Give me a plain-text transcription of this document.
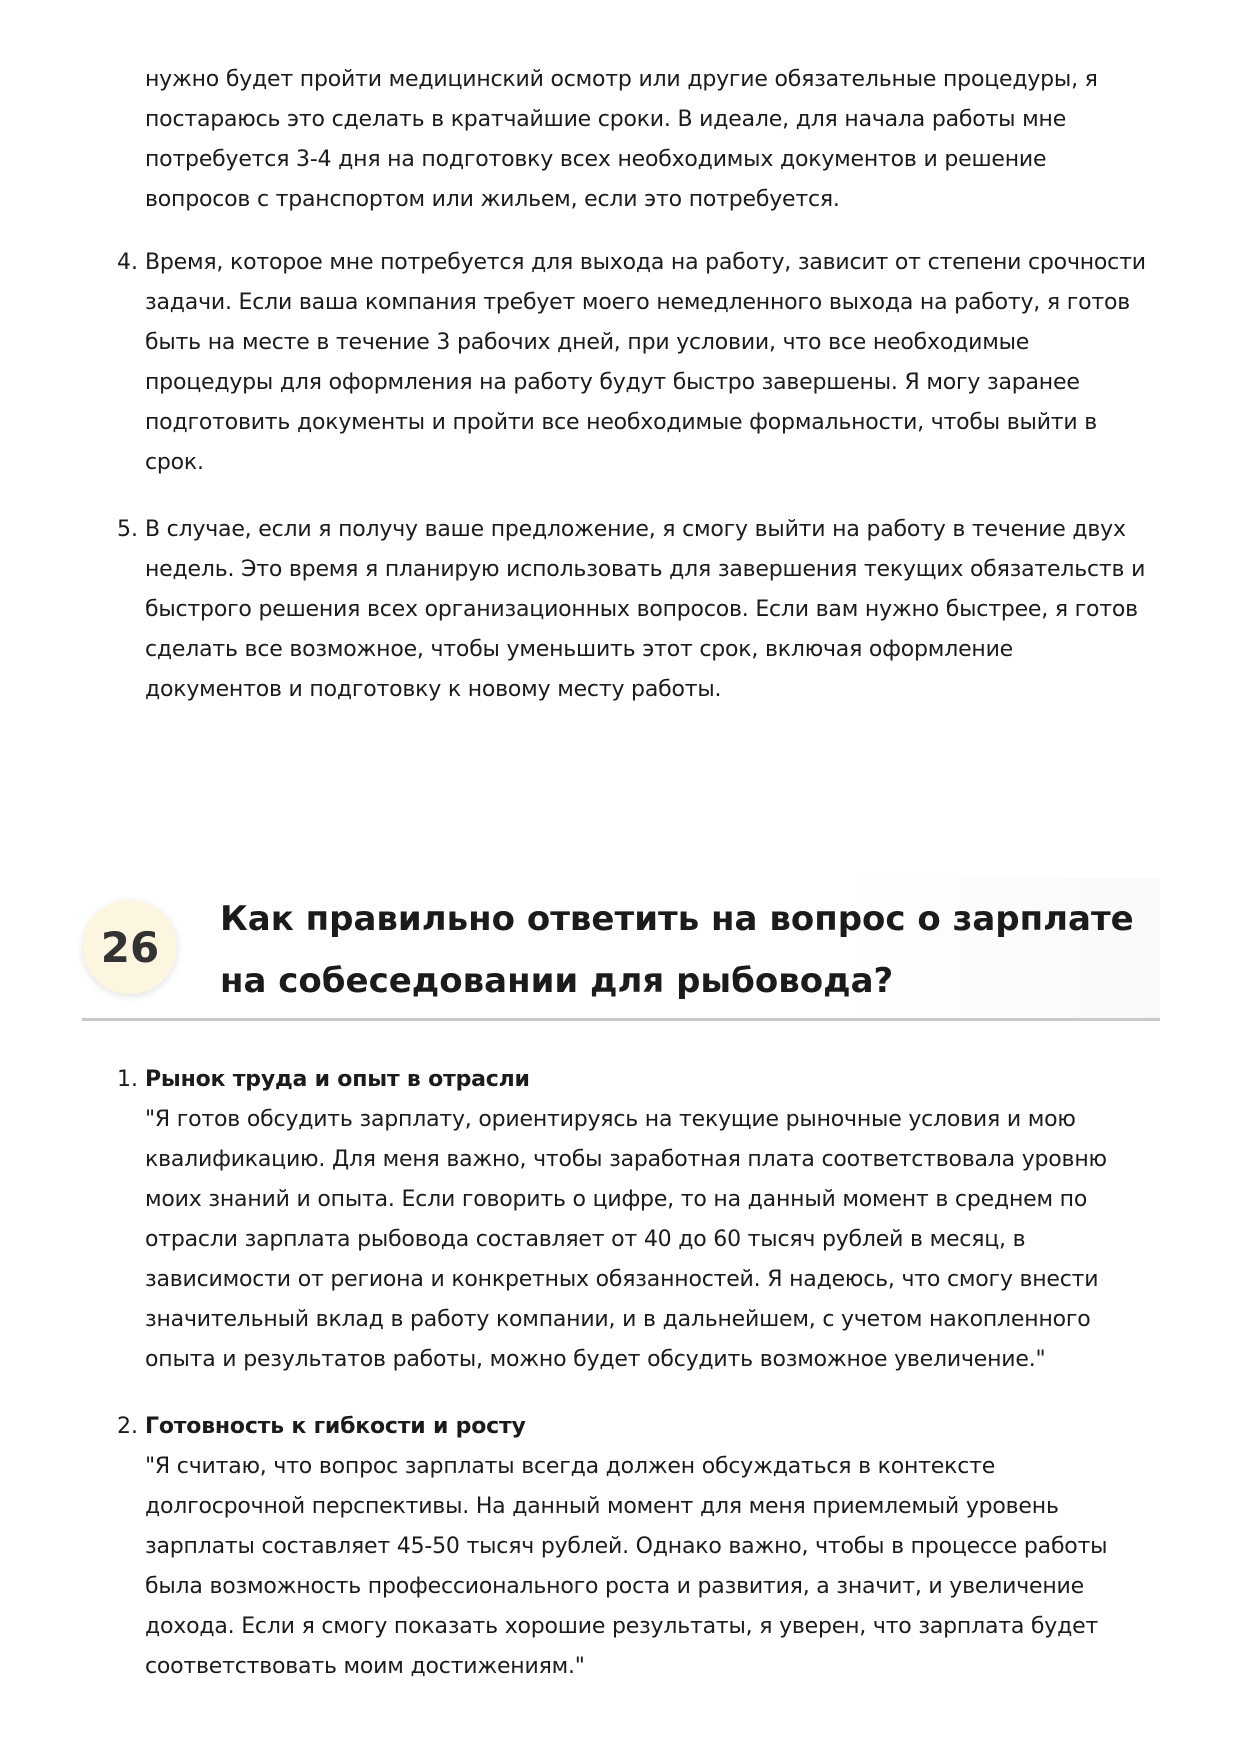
нужно будет пройти медицинский осмотр или другие обязательные процедуры, я постараюсь это сделать в кратчайшие сроки. В идеале, для начала работы мне потребуется 3-4 дня на подготовку всех необходимых документов и решение вопросов с транспортом или жильем, если это потребуется.

4. Время, которое мне потребуется для выхода на работу, зависит от степени срочности задачи. Если ваша компания требует моего немедленного выхода на работу, я готов быть на месте в течение 3 рабочих дней, при условии, что все необходимые процедуры для оформления на работу будут быстро завершены. Я могу заранее подготовить документы и пройти все необходимые формальности, чтобы выйти в срок.

5. В случае, если я получу ваше предложение, я смогу выйти на работу в течение двух недель. Это время я планирую использовать для завершения текущих обязательств и быстрого решения всех организационных вопросов. Если вам нужно быстрее, я готов сделать все возможное, чтобы уменьшить этот срок, включая оформление документов и подготовку к новому месту работы.

26
Как правильно ответить на вопрос о зарплате на собеседовании для рыбовода?
1. Рынок труда и опыт в отрасли
"Я готов обсудить зарплату, ориентируясь на текущие рыночные условия и мою квалификацию. Для меня важно, чтобы заработная плата соответствовала уровню моих знаний и опыта. Если говорить о цифре, то на данный момент в среднем по отрасли зарплата рыбовода составляет от 40 до 60 тысяч рублей в месяц, в зависимости от региона и конкретных обязанностей. Я надеюсь, что смогу внести значительный вклад в работу компании, и в дальнейшем, с учетом накопленного опыта и результатов работы, можно будет обсудить возможное увеличение."
2. Готовность к гибкости и росту
"Я считаю, что вопрос зарплаты всегда должен обсуждаться в контексте долгосрочной перспективы. На данный момент для меня приемлемый уровень зарплаты составляет 45-50 тысяч рублей. Однако важно, чтобы в процессе работы была возможность профессионального роста и развития, а значит, и увеличение дохода. Если я смогу показать хорошие результаты, я уверен, что зарплата будет соответствовать моим достижениям."
